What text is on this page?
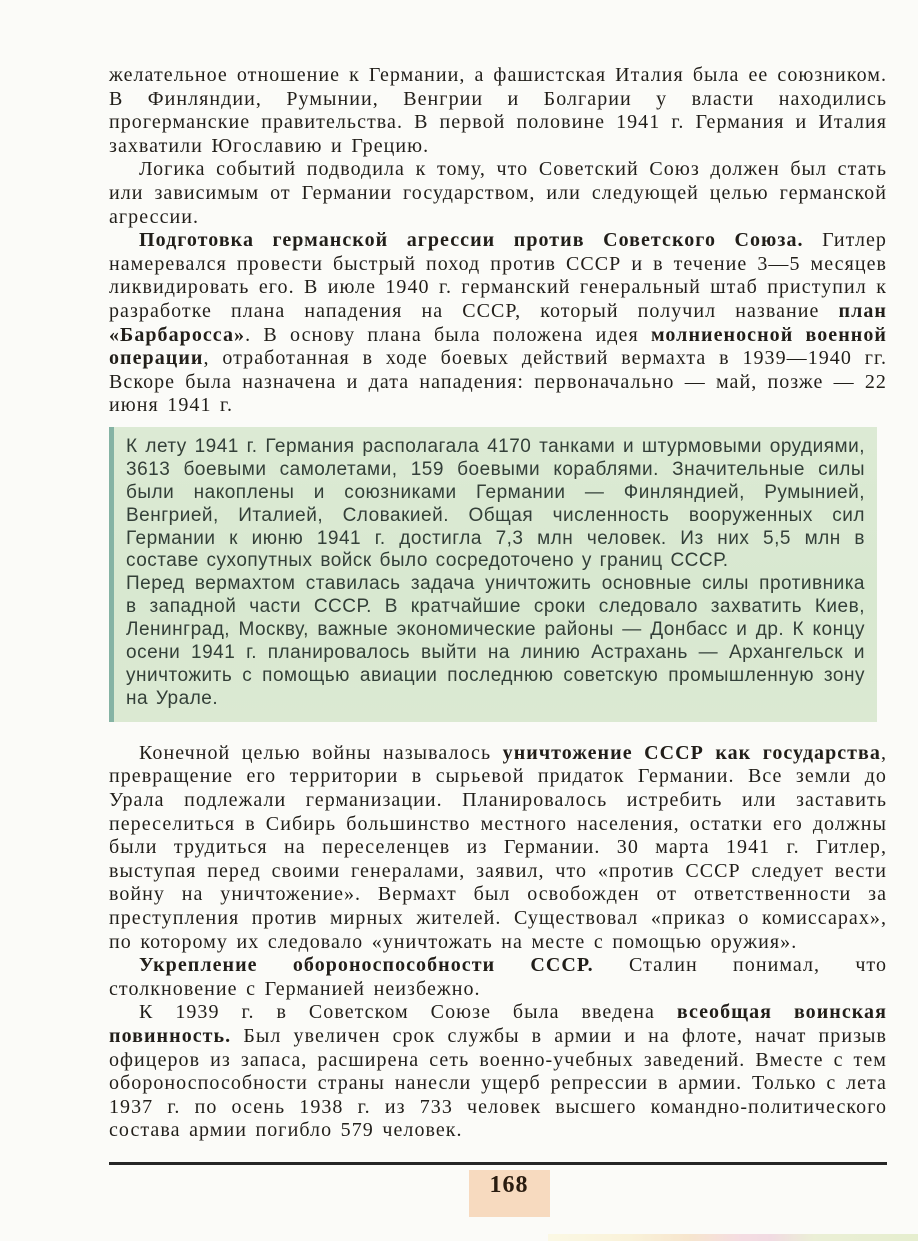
желательное отношение к Германии, а фашистская Италия была ее союзником. В Финляндии, Румынии, Венгрии и Болгарии у власти находились прогерманские правительства. В первой половине 1941 г. Германия и Италия захватили Югославию и Грецию.

Логика событий подводила к тому, что Советский Союз должен был стать или зависимым от Германии государством, или следующей целью германской агрессии.

Подготовка германской агрессии против Советского Союза. Гитлер намеревался провести быстрый поход против СССР и в течение 3—5 месяцев ликвидировать его. В июле 1940 г. германский генеральный штаб приступил к разработке плана нападения на СССР, который получил название план «Барбаросса». В основу плана была положена идея молниеносной военной операции, отработанная в ходе боевых действий вермахта в 1939—1940 гг. Вскоре была назначена и дата нападения: первоначально — май, позже — 22 июня 1941 г.

К лету 1941 г. Германия располагала 4170 танками и штурмовыми орудиями, 3613 боевыми самолетами, 159 боевыми кораблями. Значительные силы были накоплены и союзниками Германии — Финляндией, Румынией, Венгрией, Италией, Словакией. Общая численность вооруженных сил Германии к июню 1941 г. достигла 7,3 млн человек. Из них 5,5 млн в составе сухопутных войск было сосредоточено у границ СССР.

Перед вермахтом ставилась задача уничтожить основные силы противника в западной части СССР. В кратчайшие сроки следовало захватить Киев, Ленинград, Москву, важные экономические районы — Донбасс и др. К концу осени 1941 г. планировалось выйти на линию Астрахань — Архангельск и уничтожить с помощью авиации последнюю советскую промышленную зону на Урале.

Конечной целью войны называлось уничтожение СССР как государства, превращение его территории в сырьевой придаток Германии. Все земли до Урала подлежали германизации. Планировалось истребить или заставить переселиться в Сибирь большинство местного населения, остатки его должны были трудиться на переселенцев из Германии. 30 марта 1941 г. Гитлер, выступая перед своими генералами, заявил, что «против СССР следует вести войну на уничтожение». Вермахт был освобожден от ответственности за преступления против мирных жителей. Существовал «приказ о комиссарах», по которому их следовало «уничтожать на месте с помощью оружия».

Укрепление обороноспособности СССР. Сталин понимал, что столкновение с Германией неизбежно.

К 1939 г. в Советском Союзе была введена всеобщая воинская повинность. Был увеличен срок службы в армии и на флоте, начат призыв офицеров из запаса, расширена сеть военно-учебных заведений. Вместе с тем обороноспособности страны нанесли ущерб репрессии в армии. Только с лета 1937 г. по осень 1938 г. из 733 человек высшего командно-политического состава армии погибло 579 человек.

168
